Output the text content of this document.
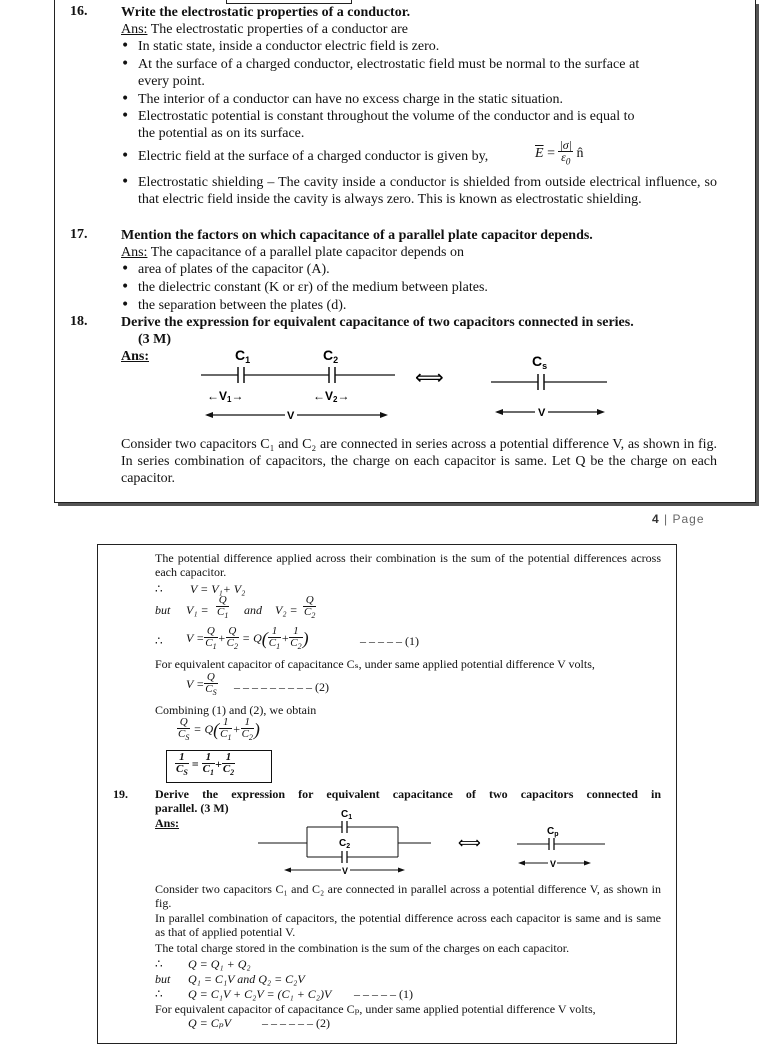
16. Write the electrostatic properties of a conductor.
Ans: The electrostatic properties of a conductor are
• In static state, inside a conductor electric field is zero.
• At the surface of a charged conductor, electrostatic field must be normal to the surface at
every point.
• The interior of a conductor can have no excess charge in the static situation.
• Electrostatic potential is constant throughout the volume of the conductor and is equal to
the potential as on its surface.
• Electric field at the surface of a charged conductor is given by,	$\overline{E} = \frac{|\sigma|}{\varepsilon_0}$ n̂
• Electrostatic shielding – The cavity inside a conductor is shielded from outside electrical influence, so that electric field inside the cavity is always zero. This is known as electrostatic shielding.
17. Mention the factors on which capacitance of a parallel plate capacitor depends.
Ans: The capacitance of a parallel plate capacitor depends on
• area of plates of the capacitor (A).
• the dielectric constant (K or εr) of the medium between plates.
• the separation between the plates (d).
18. Derive the expression for equivalent capacitance of two capacitors connected in series.
(3 M)
Ans:	$C_1$	$C_2$
←V1→	←V2→
V
⟺
$C_s$
V
Consider two capacitors C₁ and C₂ are connected in series across a potential difference V, as shown in fig. In series combination of capacitors, the charge on each capacitor is same. Let Q be the charge on each capacitor.
4 | Page
The potential difference applied across their combination is the sum of the potential differences across each capacitor.
∴ V = V₁+ V₂
but $V_1 = \frac{Q}{C_1}$ and $V_2 = \frac{Q}{C_2}$
∴ $V = \frac{Q}{C_1} + \frac{Q}{C_2} = Q( \frac{1}{C_1} + \frac{1}{C_2}$ )	– – – – – (1)
For equivalent capacitor of capacitance Cₛ, under same applied potential difference V volts,
$V = \frac{Q}{C_S}$ – – – – – – – – – (2)
Combining (1) and (2), we obtain
$\frac{Q}{C_S} = Q( \frac{1}{C_1} + \frac{1}{C_2}$ )
$\frac{1}{C_S} = \frac{1}{C_1} + \frac{1}{C_2}$
19. Derive the expression for equivalent capacitance of two capacitors connected in
parallel. (3 M)
Ans:
$C_1$
$C_2$
V
⟺
$C_p$
V
Consider two capacitors C₁ and C₂ are connected in parallel across a potential difference V, as shown in fig.
In parallel combination of capacitors, the potential difference across each capacitor is same and is same as that of applied potential V.
The total charge stored in the combination is the sum of the charges on each capacitor.
∴ Q = Q₁ + Q₂
but Q₁ = C₁V and Q₂ = C₂V
∴ Q = C₁V + C₂V = (C₁ + C₂)V – – – – – (1)
For equivalent capacitor of capacitance Cₚ, under same applied potential difference V volts,
Q = CₚV	– – – – – – (2)
